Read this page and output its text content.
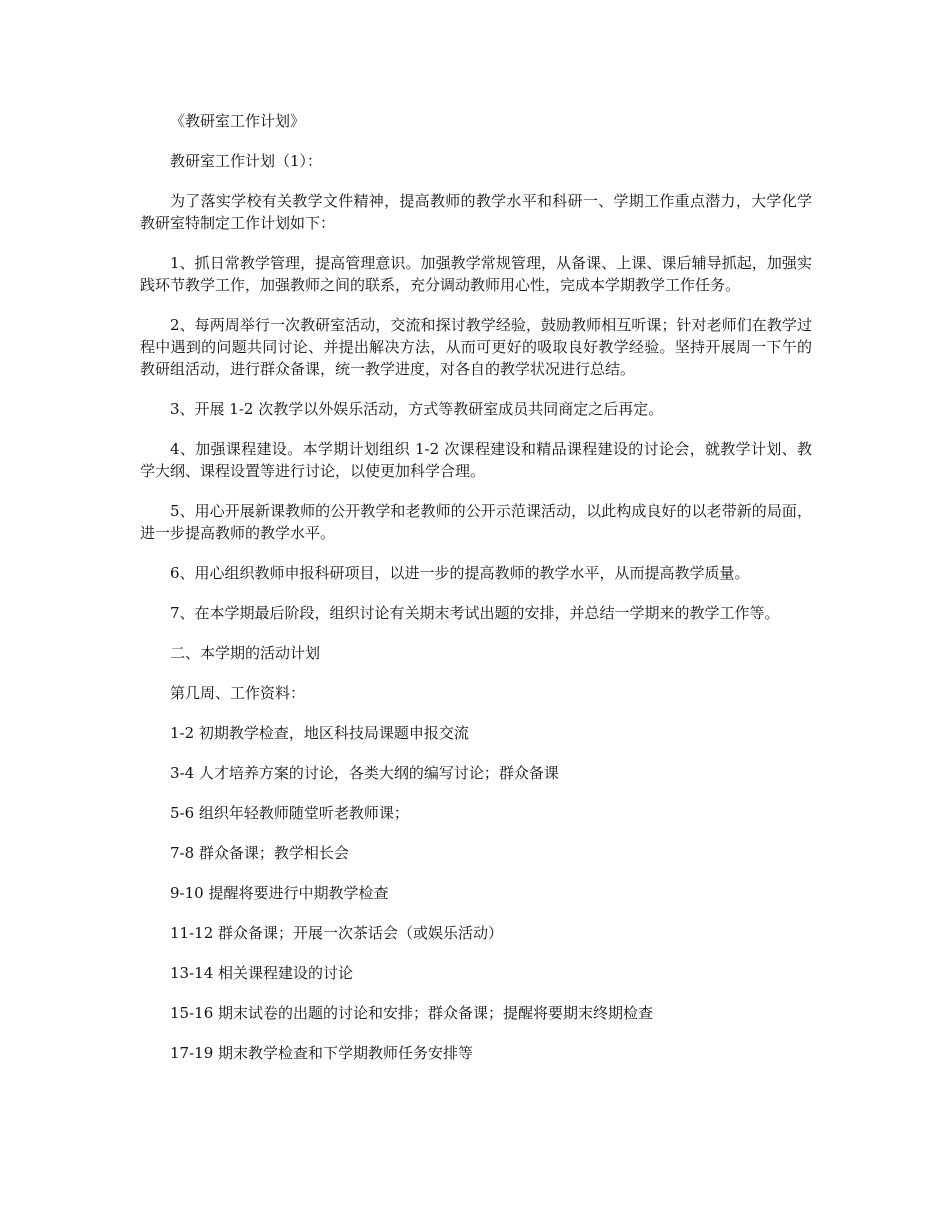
《教研室工作计划》

教研室工作计划（1）：

为了落实学校有关教学文件精神，提高教师的教学水平和科研一、学期工作重点潜力，大学化学教研室特制定工作计划如下：

1、抓日常教学管理，提高管理意识。加强教学常规管理，从备课、上课、课后辅导抓起，加强实践环节教学工作，加强教师之间的联系，充分调动教师用心性，完成本学期教学工作任务。

2、每两周举行一次教研室活动，交流和探讨教学经验，鼓励教师相互听课；针对老师们在教学过程中遇到的问题共同讨论、并提出解决方法，从而可更好的吸取良好教学经验。坚持开展周一下午的教研组活动，进行群众备课，统一教学进度，对各自的教学状况进行总结。

3、开展 1-2 次教学以外娱乐活动，方式等教研室成员共同商定之后再定。

4、加强课程建设。本学期计划组织 1-2 次课程建设和精品课程建设的讨论会，就教学计划、教学大纲、课程设置等进行讨论，以使更加科学合理。

5、用心开展新课教师的公开教学和老教师的公开示范课活动，以此构成良好的以老带新的局面，进一步提高教师的教学水平。

6、用心组织教师申报科研项目，以进一步的提高教师的教学水平，从而提高教学质量。

7、在本学期最后阶段，组织讨论有关期末考试出题的安排，并总结一学期来的教学工作等。

二、本学期的活动计划

第几周、工作资料：

1-2 初期教学检查，地区科技局课题申报交流

3-4 人才培养方案的讨论，各类大纲的编写讨论；群众备课

5-6 组织年轻教师随堂听老教师课；

7-8 群众备课；教学相长会

9-10 提醒将要进行中期教学检查

11-12 群众备课；开展一次茶话会（或娱乐活动）

13-14 相关课程建设的讨论

15-16 期末试卷的出题的讨论和安排；群众备课；提醒将要期末终期检查

17-19 期末教学检查和下学期教师任务安排等
